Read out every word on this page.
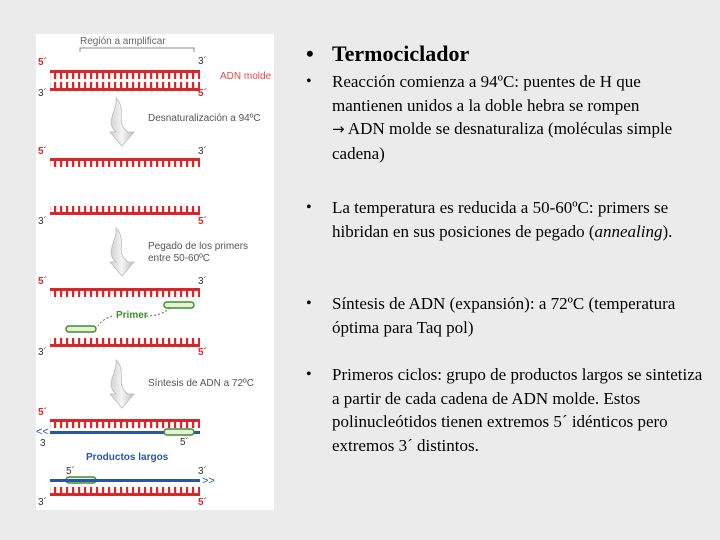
Región a amplificar
5´	3´
ADN molde
3´	5´
Desnaturalización a 94ºC
5´	3´
3´	5´
Pegado de los primers
entre 50-60ºC
5´	3´
Primer
3´	5´
Síntesis de ADN a 72ºC
5´
<<
3	5´
Productos largos
5´	3´
>>
3´	5´
• Termociclador
• Reacción comienza a 94ºC: puentes de H que mantienen unidos a la doble hebra se rompen
→ ADN molde se desnaturaliza (moléculas simple cadena)
• La temperatura es reducida a 50-60ºC: primers se hibridan en sus posiciones de pegado (annealing).
• Síntesis de ADN (expansión): a 72ºC (temperatura óptima para Taq pol)
• Primeros ciclos: grupo de productos largos se sintetiza a partir de cada cadena de ADN molde. Estos polinucleótidos tienen extremos 5´ idénticos pero extremos 3´ distintos.
